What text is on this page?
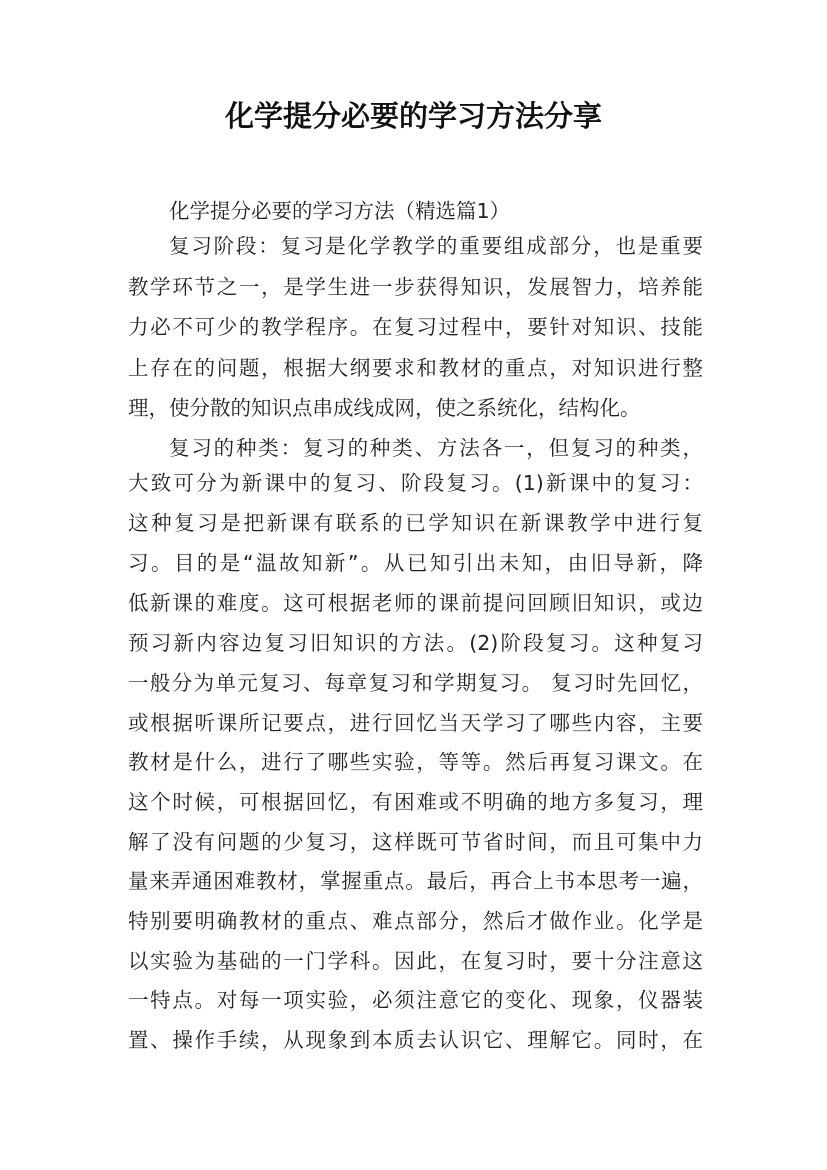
化学提分必要的学习方法分享
化学提分必要的学习方法（精选篇1）
复习阶段：复习是化学教学的重要组成部分，也是重要
教学环节之一，是学生进一步获得知识，发展智力，培养能
力必不可少的教学程序。在复习过程中，要针对知识、技能
上存在的问题，根据大纲要求和教材的重点，对知识进行整
理，使分散的知识点串成线成网，使之系统化，结构化。
复习的种类：复习的种类、方法各一，但复习的种类，
大致可分为新课中的复习、阶段复习。(1)新课中的复习：
这种复习是把新课有联系的已学知识在新课教学中进行复
习。目的是“温故知新”。从已知引出未知，由旧导新，降
低新课的难度。这可根据老师的课前提问回顾旧知识，或边
预习新内容边复习旧知识的方法。(2)阶段复习。这种复习
一般分为单元复习、每章复习和学期复习。 复习时先回忆，
或根据听课所记要点，进行回忆当天学习了哪些内容，主要
教材是什么，进行了哪些实验，等等。然后再复习课文。在
这个时候，可根据回忆，有困难或不明确的地方多复习，理
解了没有问题的少复习，这样既可节省时间，而且可集中力
量来弄通困难教材，掌握重点。最后，再合上书本思考一遍，
特别要明确教材的重点、难点部分，然后才做作业。化学是
以实验为基础的一门学科。因此，在复习时，要十分注意这
一特点。对每一项实验，必须注意它的变化、现象，仪器装
置、操作手续，从现象到本质去认识它、理解它。同时，在
